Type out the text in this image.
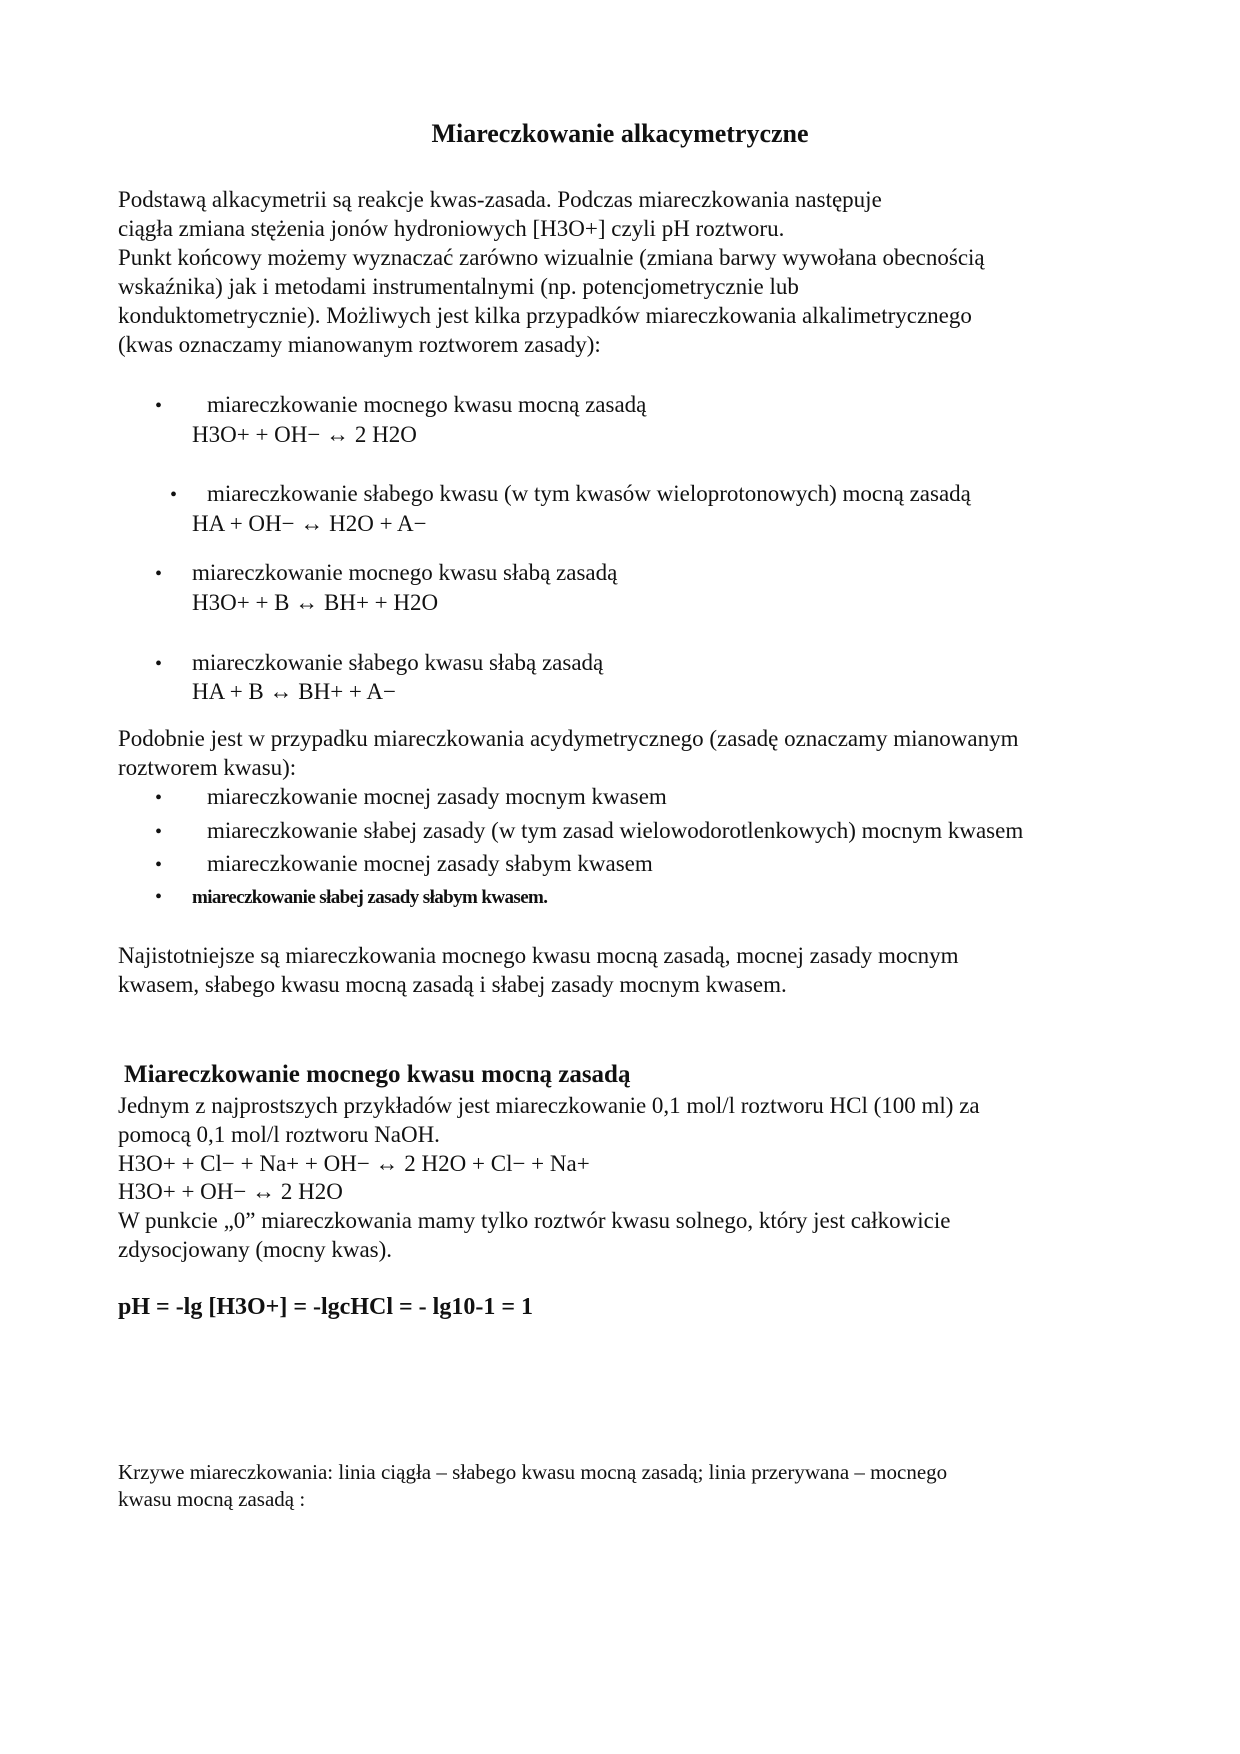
Miareczkowanie alkacymetryczne
Podstawą alkacymetrii są reakcje kwas-zasada. Podczas miareczkowania następuje
ciągła zmiana stężenia jonów hydroniowych [H3O+] czyli pH roztworu.
Punkt końcowy możemy wyznaczać zarówno wizualnie (zmiana barwy wywołana obecnością
wskaźnika) jak i metodami instrumentalnymi (np. potencjometrycznie lub
konduktometrycznie). Możliwych jest kilka przypadków miareczkowania alkalimetrycznego
(kwas oznaczamy mianowanym roztworem zasady):
• miareczkowanie mocnego kwasu mocną zasadą
H3O+ + OH− ↔ 2 H2O
• miareczkowanie słabego kwasu (w tym kwasów wieloprotonowych) mocną zasadą
HA + OH− ↔ H2O + A−
• miareczkowanie mocnego kwasu słabą zasadą
H3O+ + B ↔ BH+ + H2O
• miareczkowanie słabego kwasu słabą zasadą
HA + B ↔ BH+ + A−
Podobnie jest w przypadku miareczkowania acydymetrycznego (zasadę oznaczamy mianowanym
roztworem kwasu):
• miareczkowanie mocnej zasady mocnym kwasem
• miareczkowanie słabej zasady (w tym zasad wielowodorotlenkowych) mocnym kwasem
• miareczkowanie mocnej zasady słabym kwasem
• miareczkowanie słabej zasady słabym kwasem.
Najistotniejsze są miareczkowania mocnego kwasu mocną zasadą, mocnej zasady mocnym
kwasem, słabego kwasu mocną zasadą i słabej zasady mocnym kwasem.
Miareczkowanie mocnego kwasu mocną zasadą
Jednym z najprostszych przykładów jest miareczkowanie 0,1 mol/l roztworu HCl (100 ml) za
pomocą 0,1 mol/l roztworu NaOH.
H3O+ + Cl− + Na+ + OH− ↔ 2 H2O + Cl− + Na+
H3O+ + OH− ↔ 2 H2O
W punkcie „0” miareczkowania mamy tylko roztwór kwasu solnego, który jest całkowicie
zdysocjowany (mocny kwas).
pH = -lg [H3O+] = -lgcHCl = - lg10-1 = 1
Krzywe miareczkowania: linia ciągła – słabego kwasu mocną zasadą; linia przerywana – mocnego
kwasu mocną zasadą :
